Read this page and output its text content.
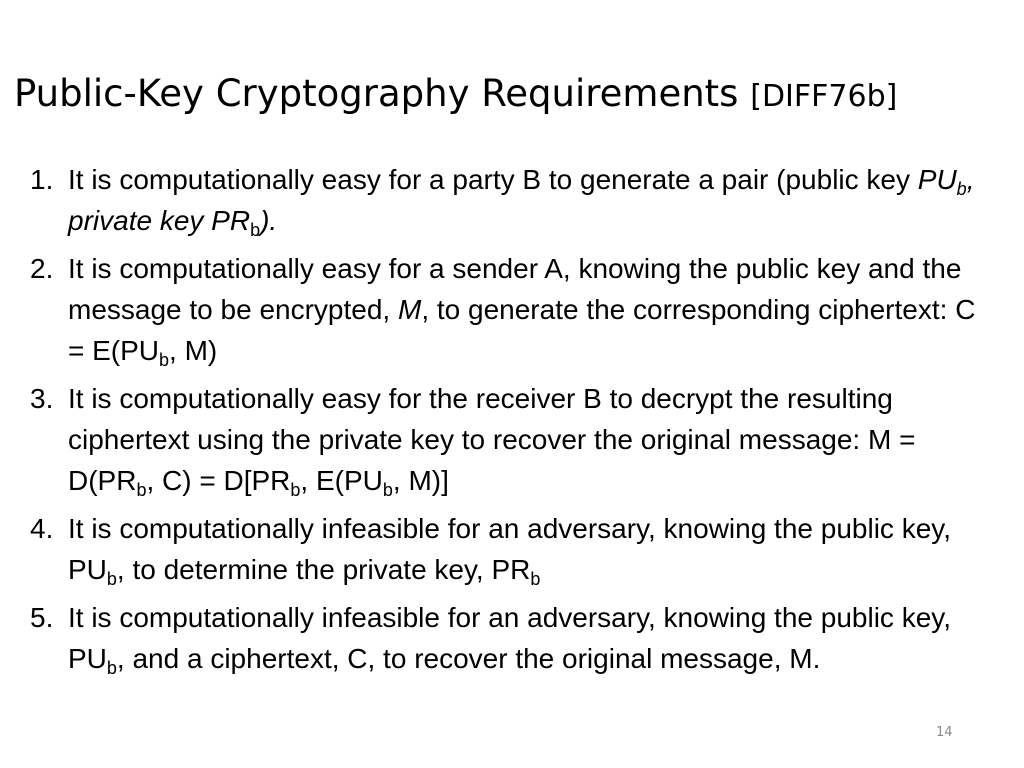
Public-Key Cryptography Requirements [DIFF76b]
1. It is computationally easy for a party B to generate a pair (public key $PU_b$, private key $PR_b$).
2. It is computationally easy for a sender A, knowing the public key and the message to be encrypted, M, to generate the corresponding ciphertext: $C = E(PU_b$, M)
3. It is computationally easy for the receiver B to decrypt the resulting ciphertext using the private key to recover the original message: $M = D(PR_b$, $C) = D[PR_b$, $E(PU_b$, M)]
4. It is computationally infeasible for an adversary, knowing the public key, $PU_b$, to determine the private key, $PR_b$
5. It is computationally infeasible for an adversary, knowing the public key, $PU_b$, and a ciphertext, C, to recover the original message, M.
14
